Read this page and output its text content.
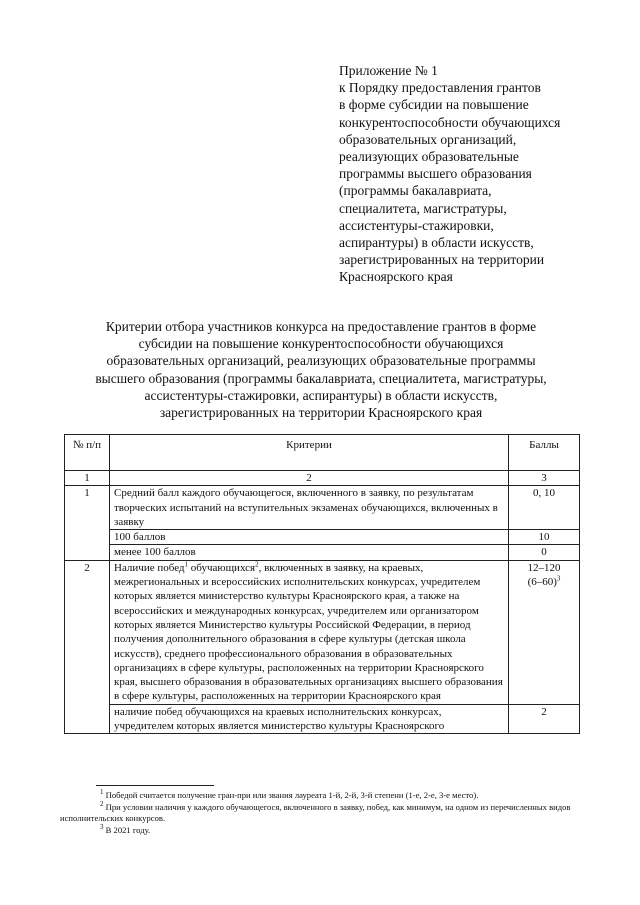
Приложение № 1
к Порядку предоставления грантов
в форме субсидии на повышение
конкурентоспособности обучающихся
образовательных организаций,
реализующих образовательные
программы высшего образования
(программы бакалавриата,
специалитета, магистратуры,
ассистентуры-стажировки,
аспирантуры) в области искусств,
зарегистрированных на территории
Красноярского края
Критерии отбора участников конкурса на предоставление грантов в форме
субсидии на повышение конкурентоспособности обучающихся
образовательных организаций, реализующих образовательные программы
высшего образования (программы бакалавриата, специалитета, магистратуры,
ассистентуры-стажировки, аспирантуры) в области искусств,
зарегистрированных на территории Красноярского края
№ п/п	Критерии	Баллы
1	2	3
1	Средний балл каждого обучающегося, включенного в заявку, по результатам творческих испытаний на вступительных экзаменах обучающихся, включенных в заявку	0, 10
	100 баллов	10
	менее 100 баллов	0
2	Наличие побед$^1$ обучающихся$^2$, включенных в заявку, на краевых, межрегиональных и всероссийских исполнительских конкурсах, учредителем которых является министерство культуры Красноярского края, а также на всероссийских и международных конкурсах, учредителем или организатором которых является Министерство культуры Российской Федерации, в период получения дополнительного образования в сфере культуры (детская школа искусств), среднего профессионального образования в образовательных организациях в сфере культуры, расположенных на территории Красноярского края, высшего образования в образовательных организациях высшего образования в сфере культуры, расположенных на территории Красноярского края	12–120
$(6-60)^3$

	наличие побед обучающихся на краевых исполнительских конкурсах, учредителем которых является министерство культуры Красноярского	2

$^1$ Победой считается получение гран-при или звания лауреата 1-й, 2-й, 3-й степени (1-е, 2-е, 3-е место).

$^2$ При условии наличия у каждого обучающегося, включенного в заявку, побед, как минимум, на одном из перечисленных видов исполнительских конкурсов.

$^3$ В 2021 году.
